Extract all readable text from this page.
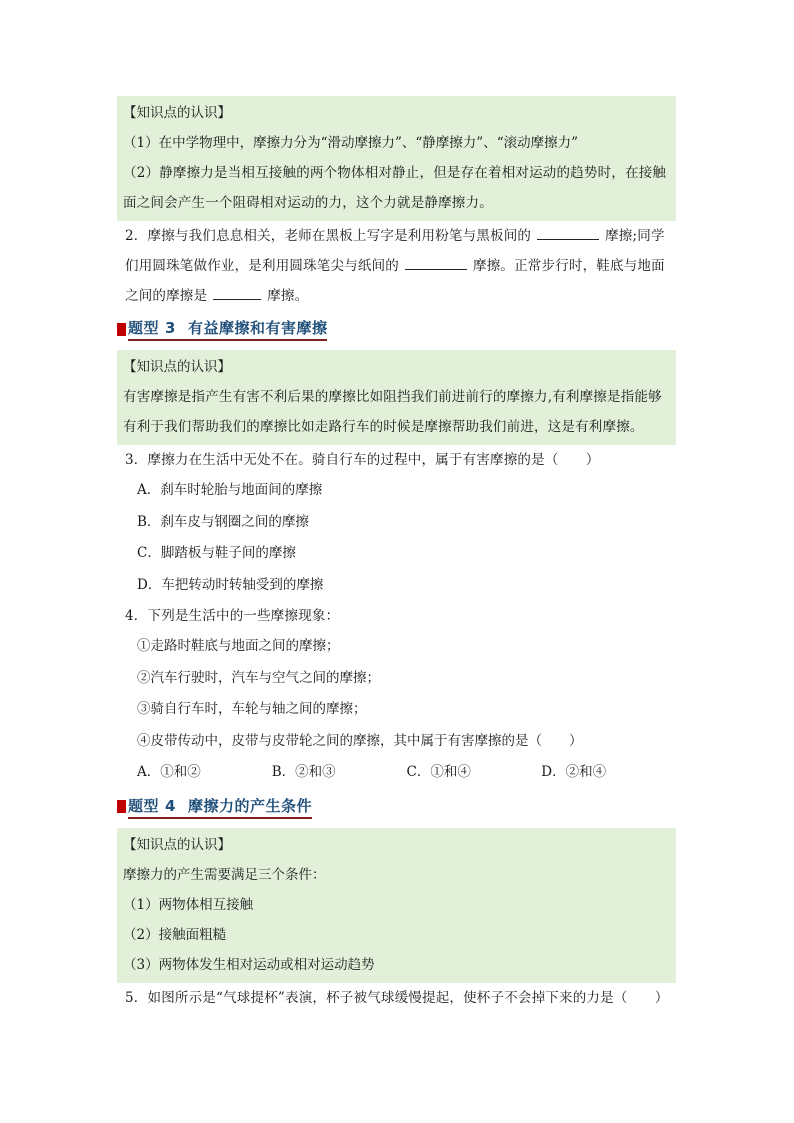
【知识点的认识】
（1）在中学物理中，摩擦力分为“滑动摩擦力”、“静摩擦力”、“滚动摩擦力”
（2）静摩擦力是当相互接触的两个物体相对静止，但是存在着相对运动的趋势时，在接触面之间会产生一个阻碍相对运动的力，这个力就是静摩擦力。
2．摩擦与我们息息相关，老师在黑板上写字是利用粉笔与黑板间的	摩擦;同学们用圆珠笔做作业，是利用圆珠笔尖与纸间的	摩擦。正常步行时，鞋底与地面之间的摩擦是	摩擦。
题型 3 有益摩擦和有害摩擦
【知识点的认识】
有害摩擦是指产生有害不利后果的摩擦比如阻挡我们前进前行的摩擦力,有利摩擦是指能够有利于我们帮助我们的摩擦比如走路行车的时候是摩擦帮助我们前进，这是有利摩擦。
3．摩擦力在生活中无处不在。骑自行车的过程中，属于有害摩擦的是（　　）
A．刹车时轮胎与地面间的摩擦
B．刹车皮与钢圈之间的摩擦
C．脚踏板与鞋子间的摩擦
D．车把转动时转轴受到的摩擦
4．下列是生活中的一些摩擦现象：
①走路时鞋底与地面之间的摩擦；
②汽车行驶时，汽车与空气之间的摩擦；
③骑自行车时，车轮与轴之间的摩擦；
④皮带传动中，皮带与皮带轮之间的摩擦，其中属于有害摩擦的是（　　）
A．①和②	B．②和③	C．①和④	D．②和④
题型 4 摩擦力的产生条件
【知识点的认识】
摩擦力的产生需要满足三个条件：
（1）两物体相互接触
（2）接触面粗糙
（3）两物体发生相对运动或相对运动趋势
5．如图所示是“气球提杯”表演，杯子被气球缓慢提起，使杯子不会掉下来的力是（　　）
